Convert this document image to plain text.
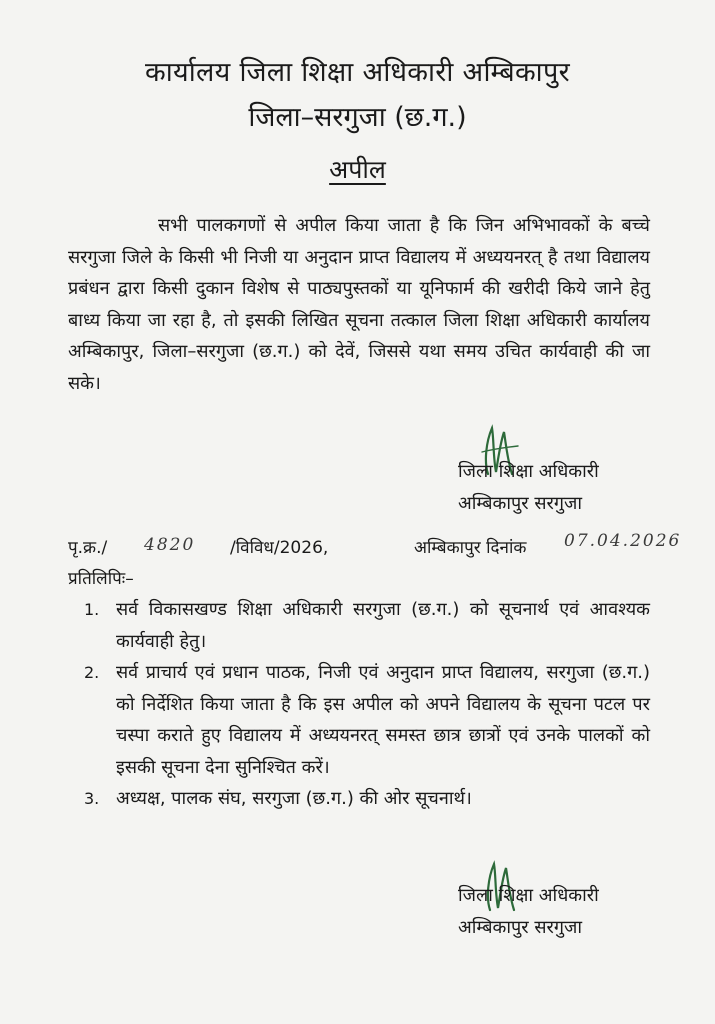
कार्यालय जिला शिक्षा अधिकारी अम्बिकापुर
जिला–सरगुजा (छ.ग.)
अपील

सभी पालकगणों से अपील किया जाता है कि जिन अभिभावकों के बच्चे सरगुजा जिले के किसी भी निजी या अनुदान प्राप्त विद्यालय में अध्ययनरत् है तथा विद्यालय प्रबंधन द्वारा किसी दुकान विशेष से पाठ्यपुस्तकों या यूनिफार्म की खरीदी किये जाने हेतु बाध्य किया जा रहा है, तो इसकी लिखित सूचना तत्काल जिला शिक्षा अधिकारी कार्यालय अम्बिकापुर, जिला–सरगुजा (छ.ग.) को देवें, जिससे यथा समय उचित कार्यवाही की जा सके।

जिला शिक्षा अधिकारी
अम्बिकापुर सरगुजा
पृ.क्र./ 4820 /विविध/2026,	अम्बिकापुर दिनांक 07.04.2026
प्रतिलिपिः–
1. सर्व विकासखण्ड शिक्षा अधिकारी सरगुजा (छ.ग.) को सूचनार्थ एवं आवश्यक कार्यवाही हेतु।
2. सर्व प्राचार्य एवं प्रधान पाठक, निजी एवं अनुदान प्राप्त विद्यालय, सरगुजा (छ.ग.) को निर्देशित किया जाता है कि इस अपील को अपने विद्यालय के सूचना पटल पर चस्पा कराते हुए विद्यालय में अध्ययनरत् समस्त छात्र छात्रों एवं उनके पालकों को इसकी सूचना देना सुनिश्चित करें।
3. अध्यक्ष, पालक संघ, सरगुजा (छ.ग.) की ओर सूचनार्थ।
जिला शिक्षा अधिकारी
अम्बिकापुर सरगुजा
